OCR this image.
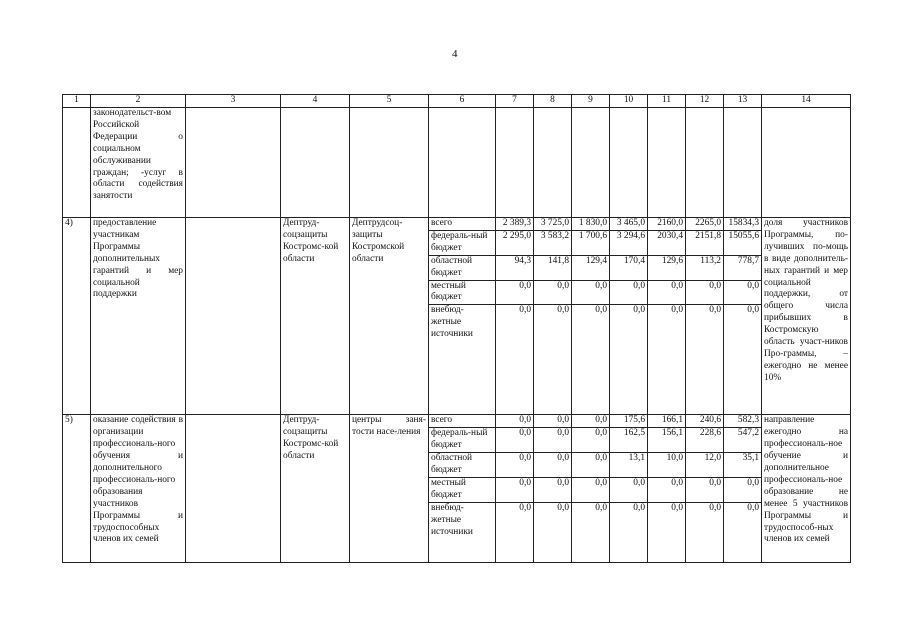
4
1	2	3	4	5	6	7	8	9	10	11	12	13	14
	законодательст-вом Российской Федерации о социальном обслуживании граждан; -услуг в области содействия занятости												
4)	предоставление участникам Программы дополнительных гарантий и мер социальной поддержки		Дептруд-соцзащиты Костромс-кой области	Дептрудсоц-защиты Костромской области	всего	2 389,3	3 725,0	1 830,0	3 465,0	2160,0	2265,0	15834,3	доля участников Программы, по-лучивших по-мощь в виде дополнитель-ных гарантий и мер социальной поддержки, от общего числа прибывших в Костромскую область участ-ников Про-граммы, – ежегодно не менее 10%
					федераль-ный бюджет	2 295,0	3 583,2	1 700,6	3 294,6	2030,4	2151,8	15055,6	
					областной бюджет	94,3	141,8	129,4	170,4	129,6	113,2	778,7	
					местный бюджет	0,0	0,0	0,0	0,0	0,0	0,0	0,0	
					внебюд-жетные источники	0,0	0,0	0,0	0,0	0,0	0,0	0,0	
5)	оказание содействия в организации профессиональ-ного обучения и дополнительного профессиональ-ного образования участников Программы и трудоспособных членов их семей		Дептруд-соцзащиты Костромс-кой области	центры заня-тости насе-ления	всего	0,0	0,0	0,0	175,6	166,1	240,6	582,3	направление ежегодно на профессиональ-ное обучение и дополнительное профессиональ-ное образование не менее 5 участников Программы и трудоспособ-ных членов их семей
					федераль-ный бюджет	0,0	0,0	0,0	162,5	156,1	228,6	547,2	
					областной бюджет	0,0	0,0	0,0	13,1	10,0	12,0	35,1	
					местный бюджет	0,0	0,0	0,0	0,0	0,0	0,0	0,0	
					внебюд-жетные источники	0,0	0,0	0,0	0,0	0,0	0,0	0,0	
